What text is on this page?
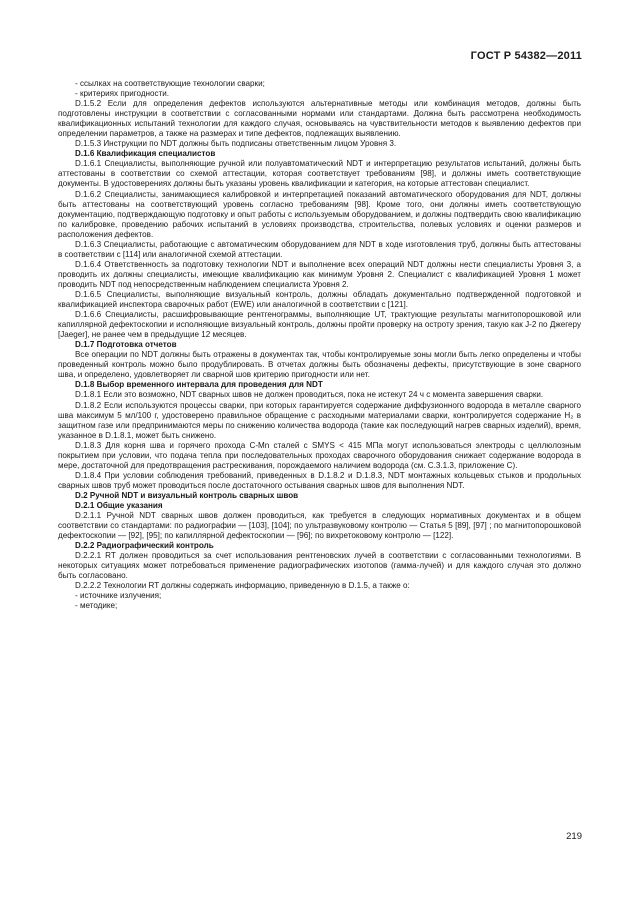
ГОСТ Р 54382—2011

- ссылках на соответствующие технологии сварки;

- критериях пригодности.

D.1.5.2 Если для определения дефектов используются альтернативные методы или комбинация методов, должны быть подготовлены инструкции в соответствии с согласованными нормами или стандартами. Должна быть рассмотрена необходимость квалификационных испытаний технологии для каждого случая, основываясь на чувствительности методов к выявлению дефектов при определении параметров, а также на размерах и типе дефектов, подлежащих выявлению.

D.1.5.3 Инструкции по NDT должны быть подписаны ответственным лицом Уровня 3.

D.1.6 Квалификация специалистов

D.1.6.1 Специалисты, выполняющие ручной или полуавтоматический NDT и интерпретацию результатов испытаний, должны быть аттестованы в соответствии со схемой аттестации, которая соответствует требованиям [98], и должны иметь соответствующие документы. В удостоверениях должны быть указаны уровень квалификации и категория, на которые аттестован специалист.

D.1.6.2 Специалисты, занимающиеся калибровкой и интерпретацией показаний автоматического оборудования для NDT, должны быть аттестованы на соответствующий уровень согласно требованиям [98]. Кроме того, они должны иметь соответствующую документацию, подтверждающую подготовку и опыт работы с используемым оборудованием, и должны подтвердить свою квалификацию по калибровке, проведению рабочих испытаний в условиях производства, строительства, полевых условиях и оценки размеров и расположения дефектов.

D.1.6.3 Специалисты, работающие с автоматическим оборудованием для NDT в ходе изготовления труб, должны быть аттестованы в соответствии с [114] или аналогичной схемой аттестации.

D.1.6.4 Ответственность за подготовку технологии NDT и выполнение всех операций NDT должны нести специалисты Уровня 3, а проводить их должны специалисты, имеющие квалификацию как минимум Уровня 2. Специалист с квалификацией Уровня 1 может проводить NDT под непосредственным наблюдением специалиста Уровня 2.

D.1.6.5 Специалисты, выполняющие визуальный контроль, должны обладать документально подтвержденной подготовкой и квалификацией инспектора сварочных работ (EWE) или аналогичной в соответствии с [121].

D.1.6.6 Специалисты, расшифровывающие рентгенограммы, выполняющие UT, трактующие результаты магнитопорошковой или капиллярной дефектоскопии и исполняющие визуальный контроль, должны пройти проверку на остроту зрения, такую как J-2 по Джегеру [Jaeger], не ранее чем в предыдущие 12 месяцев.

D.1.7 Подготовка отчетов

Все операции по NDT должны быть отражены в документах так, чтобы контролируемые зоны могли быть легко определены и чтобы проведенный контроль можно было продублировать. В отчетах должны быть обозначены дефекты, присутствующие в зоне сварного шва, и определено, удовлетворяет ли сварной шов критерию пригодности или нет.

D.1.8 Выбор временного интервала для проведения для NDT

D.1.8.1 Если это возможно, NDT сварных швов не должен проводиться, пока не истекут 24 ч с момента завершения сварки.

D.1.8.2 Если используются процессы сварки, при которых гарантируется содержание диффузионного водорода в металле сварного шва максимум 5 мл/100 г, удостоверено правильное обращение с расходными материалами сварки, контролируется содержание H₂ в защитном газе или предпринимаются меры по снижению количества водорода (такие как последующий нагрев сварных изделий), время, указанное в D.1.8.1, может быть снижено.

D.1.8.3 Для корня шва и горячего прохода С-Mn сталей с SMYS < 415 МПа могут использоваться электроды с целлюлозным покрытием при условии, что подача тепла при последовательных проходах сварочного оборудования снижает содержание водорода в мере, достаточной для предотвращения растрескивания, порождаемого наличием водорода (см. С.3.1.3, приложение С).

D.1.8.4 При условии соблюдения требований, приведенных в D.1.8.2 и D.1.8.3, NDT монтажных кольцевых стыков и продольных сварных швов труб может проводиться после достаточного остывания сварных швов для выполнения NDT.

D.2 Ручной NDT и визуальный контроль сварных швов

D.2.1 Общие указания

D.2.1.1 Ручной NDT сварных швов должен проводиться, как требуется в следующих нормативных документах и в общем соответствии со стандартами: по радиографии — [103], [104]; по ультразвуковому контролю — Статья 5 [89], [97] ; по магнитопорошковой дефектоскопии — [92], [95]; по капиллярной дефектоскопии — [96]; по вихретоковому контролю — [122].

D.2.2 Радиографический контроль

D.2.2.1 RT должен проводиться за счет использования рентгеновских лучей в соответствии с согласованными технологиями. В некоторых ситуациях может потребоваться применение радиографических изотопов (гамма-лучей) и для каждого случая это должно быть согласовано.

D.2.2.2 Технологии RT должны содержать информацию, приведенную в D.1.5, а также о:

- источнике излучения;

- методике;

219
